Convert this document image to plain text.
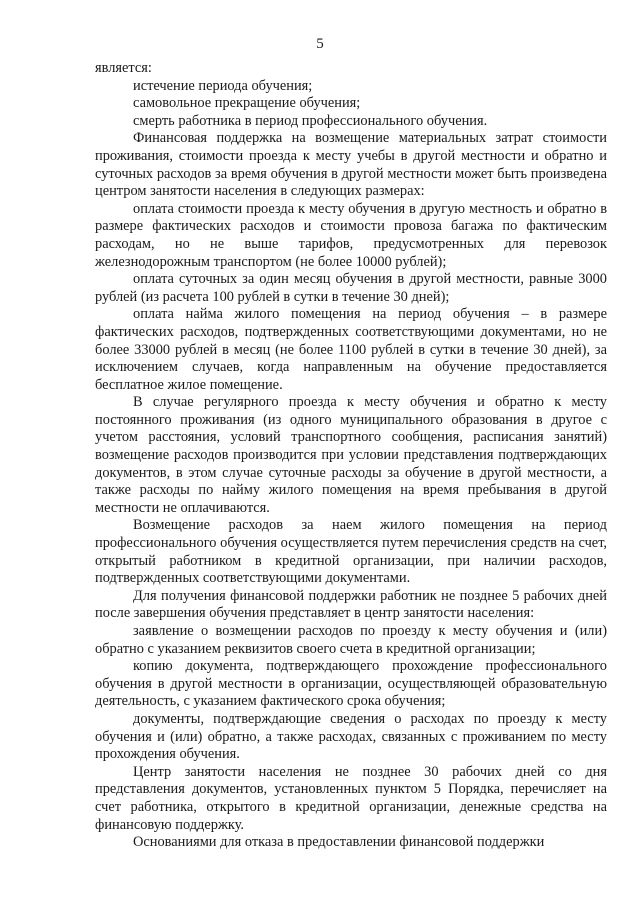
5

является:

истечение периода обучения;

самовольное прекращение обучения;

смерть работника в период профессионального обучения.

Финансовая поддержка на возмещение материальных затрат стоимости проживания, стоимости проезда к месту учебы в другой местности и обратно и суточных расходов за время обучения в другой местности может быть произведена центром занятости населения в следующих размерах:

оплата стоимости проезда к месту обучения в другую местность и обратно в размере фактических расходов и стоимости провоза багажа по фактическим расходам, но не выше тарифов, предусмотренных для перевозок железнодорожным транспортом (не более 10000 рублей);

оплата суточных за один месяц обучения в другой местности, равные 3000 рублей (из расчета 100 рублей в сутки в течение 30 дней);

оплата найма жилого помещения на период обучения – в размере фактических расходов, подтвержденных соответствующими документами, но не более 33000 рублей в месяц (не более 1100 рублей в сутки в течение 30 дней), за исключением случаев, когда направленным на обучение предоставляется бесплатное жилое помещение.

В случае регулярного проезда к месту обучения и обратно к месту постоянного проживания (из одного муниципального образования в другое с учетом расстояния, условий транспортного сообщения, расписания занятий) возмещение расходов производится при условии представления подтверждающих документов, в этом случае суточные расходы за обучение в другой местности, а также расходы по найму жилого помещения на время пребывания в другой местности не оплачиваются.

Возмещение расходов за наем жилого помещения на период профессионального обучения осуществляется путем перечисления средств на счет, открытый работником в кредитной организации, при наличии расходов, подтвержденных соответствующими документами.

Для получения финансовой поддержки работник не позднее 5 рабочих дней после завершения обучения представляет в центр занятости населения:

заявление о возмещении расходов по проезду к месту обучения и (или) обратно с указанием реквизитов своего счета в кредитной организации;

копию документа, подтверждающего прохождение профессионального обучения в другой местности в организации, осуществляющей образовательную деятельность, с указанием фактического срока обучения;

документы, подтверждающие сведения о расходах по проезду к месту обучения и (или) обратно, а также расходах, связанных с проживанием по месту прохождения обучения.

Центр занятости населения не позднее 30 рабочих дней со дня представления документов, установленных пунктом 5 Порядка, перечисляет на счет работника, открытого в кредитной организации, денежные средства на финансовую поддержку.

Основаниями для отказа в предоставлении финансовой поддержки
